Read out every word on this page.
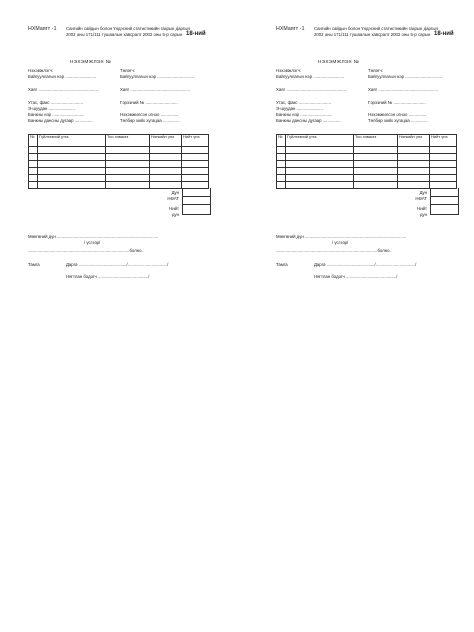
НХМаягт -1 Сангийн сайдын болон Үндэсний статистикийн газрын даргын
2002 оны 171/111 тушаалын хавсралт 2002 оны 6-р сарын 18-ний
НЭХЭМЖЛЭХ №
Нэхэмжлэгч:	Төлөгч:
Байгууллагын нэр ..........................	Байгууллагын нэр ...............................
Хаяг ..................................................	Хаяг ..................................................
Утас, факс ...........................	Гэрээний № ...........................
Э-шуудан ......................
Банкны нэр ...........................	Нэхэмжилсэн огноо ...............
Банкны дансны дугаар ...............	Төлбөр хийх хугацаа ..............
№	Гүйлгээний утга	Тоо хэмжээ	Нэгжийн үнэ	Нийт үнэ

Дүн
НӨАТ
Нийт
дүн
Мөнгөний дүн .....................................................................................
/ үсгээр/
.....................................................................................болно.
Тамга	Дарга ......................................../................................./
Нягтлан бодогч ........................................../
НХМаягт -1 Сангийн сайдын болон Үндэсний статистикийн газрын даргын
2002 оны 171/111 тушаалын хавсралт 2002 оны 6-р сарын 18-ний
НЭХЭМЖЛЭХ №
Нэхэмжлэгч:	Төлөгч:
Байгууллагын нэр ..........................	Байгууллагын нэр ...............................
Хаяг ..................................................	Хаяг ..................................................
Утас, факс ...........................	Гэрээний № ...........................
Э-шуудан ......................
Банкны нэр ...........................	Нэхэмжилсэн огноо ...............
Банкны дансны дугаар ...............	Төлбөр хийх хугацаа ..............
№	Гүйлгээний утга	Тоо хэмжээ	Нэгжийн үнэ	Нийт үнэ

Дүн
НӨАТ
Нийт
дүн
Мөнгөний дүн .....................................................................................
/ үсгээр/
.....................................................................................болно.
Тамга	Дарга ......................................../................................./
Нягтлан бодогч ........................................../
